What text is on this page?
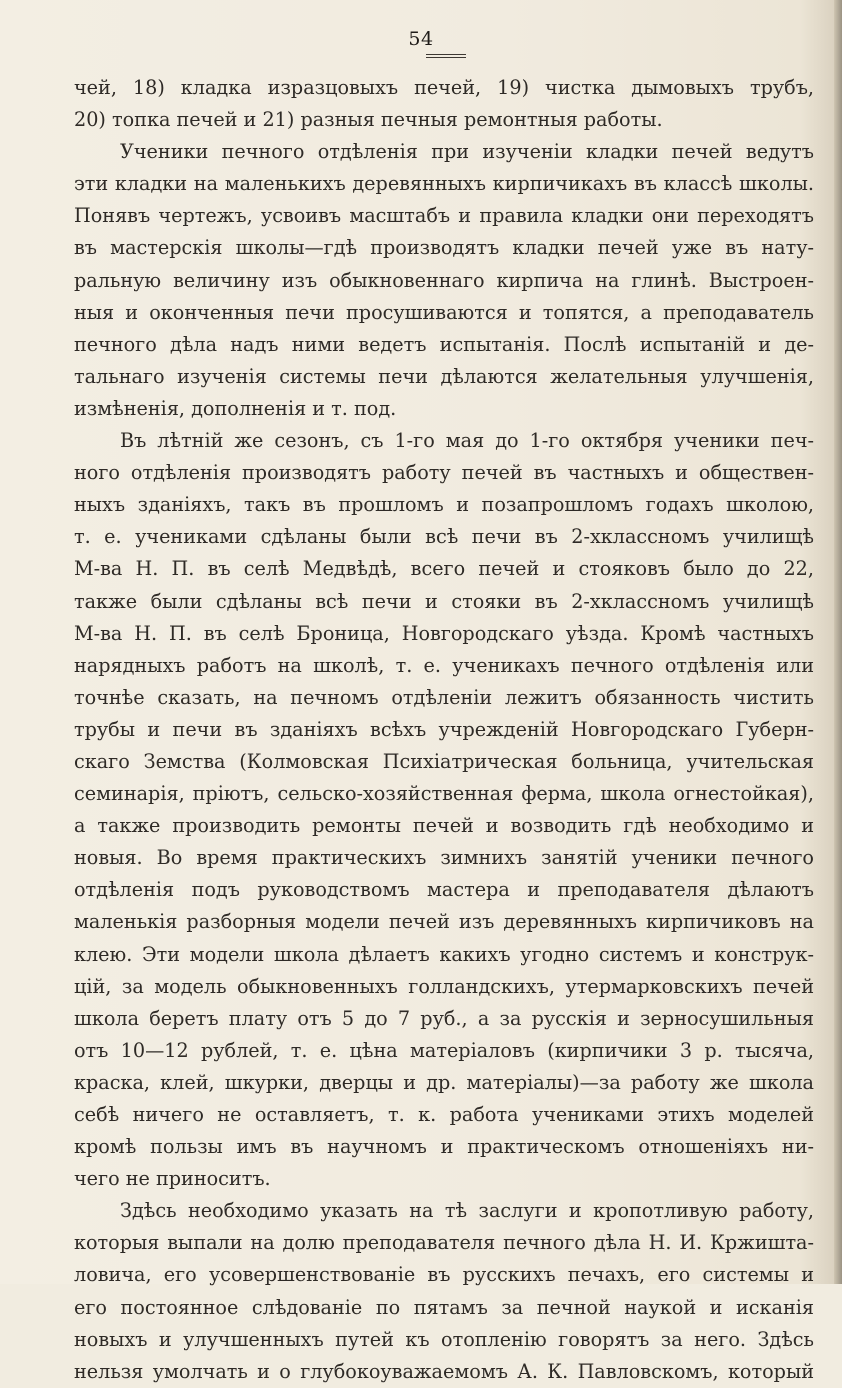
54
чей, 18) кладка изразцовыхъ печей, 19) чистка дымовыхъ трубъ,
20) топка печей и 21) разныя печныя ремонтныя работы.
Ученики печного отдѣленія при изученіи кладки печей ведутъ
эти кладки на маленькихъ деревянныхъ кирпичикахъ въ классѣ школы.
Понявъ чертежъ, усвоивъ масштабъ и правила кладки они переходятъ
въ мастерскія школы—гдѣ производятъ кладки печей уже въ нату-
ральную величину изъ обыкновеннаго кирпича на глинѣ. Выстроен-
ныя и оконченныя печи просушиваются и топятся, а преподаватель
печного дѣла надъ ними ведетъ испытанія. Послѣ испытаній и де-
тальнаго изученія системы печи дѣлаются желательныя улучшенія,
измѣненія, дополненія и т. под.
Въ лѣтній же сезонъ, съ 1-го мая до 1-го октября ученики печ-
ного отдѣленія производятъ работу печей въ частныхъ и обществен-
ныхъ зданіяхъ, такъ въ прошломъ и позапрошломъ годахъ школою,
т. е. учениками сдѣланы были всѣ печи въ 2-хклассномъ училищѣ
М-ва Н. П. въ селѣ Медвѣдѣ, всего печей и стояковъ было до 22,
также были сдѣланы всѣ печи и стояки въ 2-хклассномъ училищѣ
М-ва Н. П. въ селѣ Броница, Новгородскаго уѣзда. Кромѣ частныхъ
нарядныхъ работъ на школѣ, т. е. ученикахъ печного отдѣленія или
точнѣе сказать, на печномъ отдѣленіи лежитъ обязанность чистить
трубы и печи въ зданіяхъ всѣхъ учрежденій Новгородскаго Губерн-
скаго Земства (Колмовская Психіатрическая больница, учительская
семинарія, пріютъ, сельско-хозяйственная ферма, школа огнестойкая),
а также производить ремонты печей и возводить гдѣ необходимо и
новыя. Во время практическихъ зимнихъ занятій ученики печного
отдѣленія подъ руководствомъ мастера и преподавателя дѣлаютъ
маленькія разборныя модели печей изъ деревянныхъ кирпичиковъ на
клею. Эти модели школа дѣлаетъ какихъ угодно системъ и конструк-
цій, за модель обыкновенныхъ голландскихъ, утермарковскихъ печей
школа беретъ плату отъ 5 до 7 руб., а за русскія и зерносушильныя
отъ 10—12 рублей, т. е. цѣна матеріаловъ (кирпичики 3 р. тысяча,
краска, клей, шкурки, дверцы и др. матеріалы)—за работу же школа
себѣ ничего не оставляетъ, т. к. работа учениками этихъ моделей
кромѣ пользы имъ въ научномъ и практическомъ отношеніяхъ ни-
чего не приноситъ.
Здѣсь необходимо указать на тѣ заслуги и кропотливую работу,
которыя выпали на долю преподавателя печного дѣла Н. И. Кржишта-
ловича, его усовершенствованіе въ русскихъ печахъ, его системы и
его постоянное слѣдованіе по пятамъ за печной наукой и исканія
новыхъ и улучшенныхъ путей къ отопленію говорятъ за него. Здѣсь
нельзя умолчать и о глубокоуважаемомъ А. К. Павловскомъ, который
